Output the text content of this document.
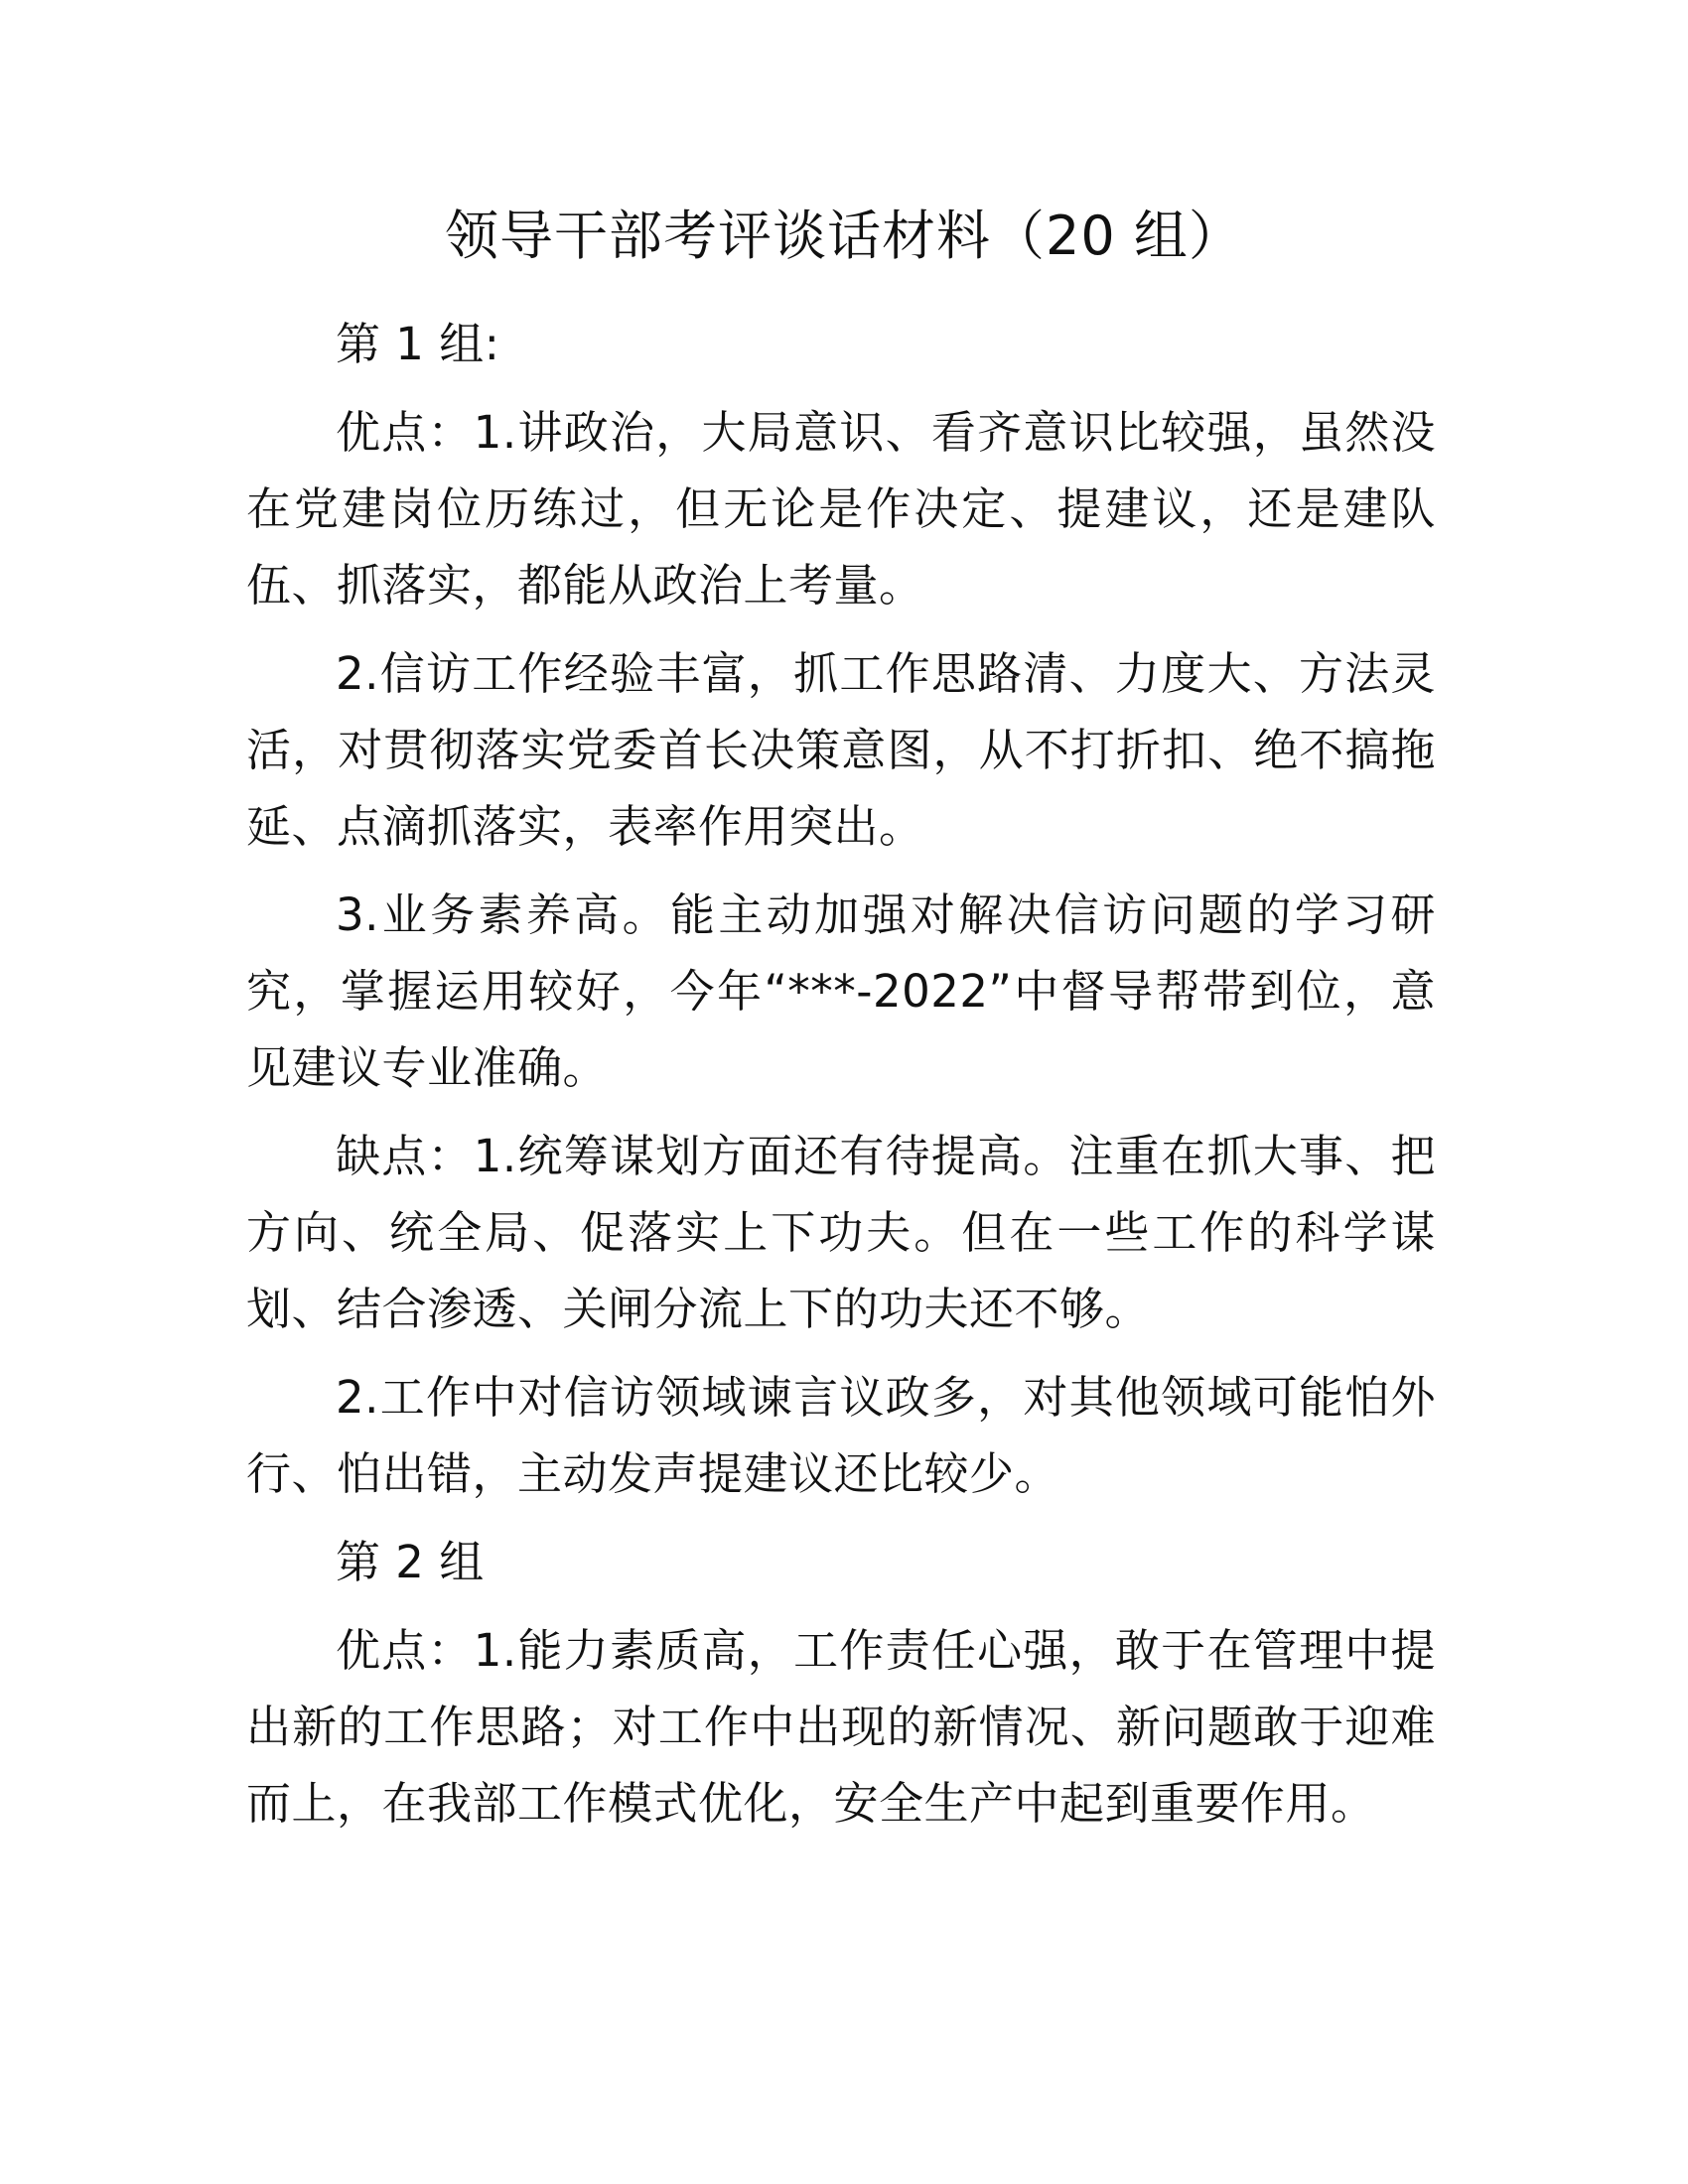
领导干部考评谈话材料（20 组）

第 1 组:

优点：1.讲政治，大局意识、看齐意识比较强，虽然没在党建岗位历练过，但无论是作决定、提建议，还是建队伍、抓落实，都能从政治上考量。

2.信访工作经验丰富，抓工作思路清、力度大、方法灵活，对贯彻落实党委首长决策意图，从不打折扣、绝不搞拖延、点滴抓落实，表率作用突出。

3.业务素养高。能主动加强对解决信访问题的学习研究，掌握运用较好，今年“***-2022”中督导帮带到位，意见建议专业准确。

缺点：1.统筹谋划方面还有待提高。注重在抓大事、把方向、统全局、促落实上下功夫。但在一些工作的科学谋划、结合渗透、关闸分流上下的功夫还不够。

2.工作中对信访领域谏言议政多，对其他领域可能怕外行、怕出错，主动发声提建议还比较少。

第 2 组

优点：1.能力素质高，工作责任心强，敢于在管理中提出新的工作思路；对工作中出现的新情况、新问题敢于迎难而上，在我部工作模式优化，安全生产中起到重要作用。
